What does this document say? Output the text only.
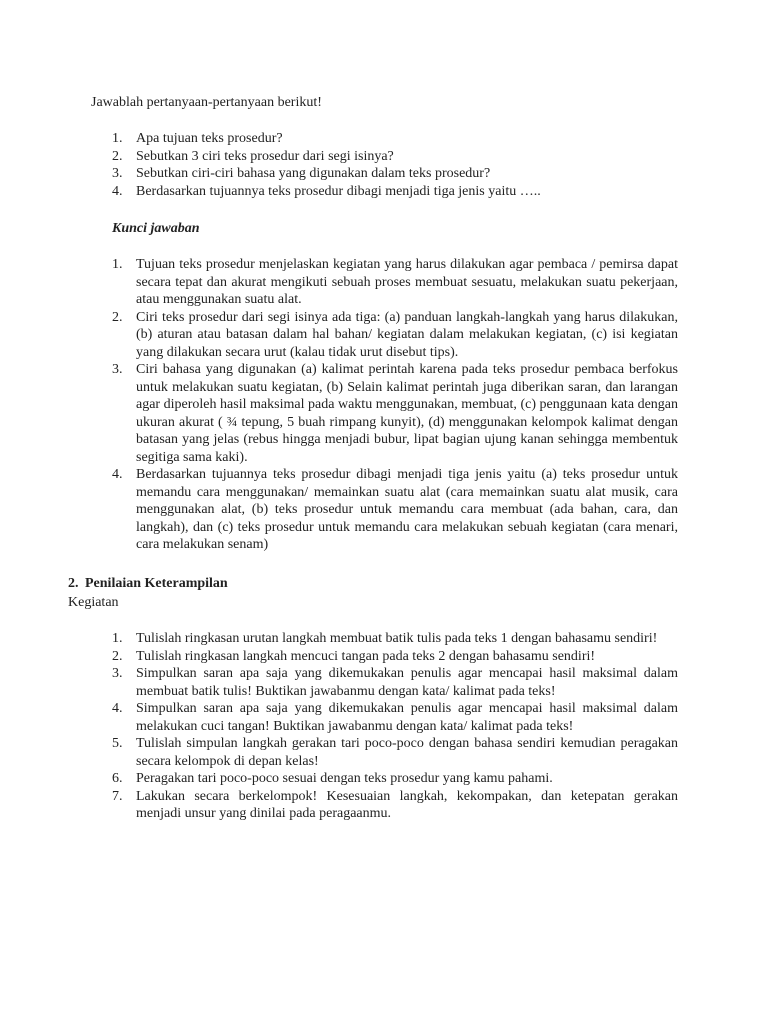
Jawablah pertanyaan-pertanyaan berikut!
1. Apa tujuan teks prosedur?
2. Sebutkan 3 ciri teks prosedur dari segi isinya?
3. Sebutkan ciri-ciri bahasa yang digunakan dalam teks prosedur?
4. Berdasarkan tujuannya teks prosedur dibagi menjadi tiga jenis yaitu …..
Kunci jawaban
1. Tujuan teks prosedur menjelaskan kegiatan yang harus dilakukan agar pembaca / pemirsa dapat secara tepat dan akurat mengikuti sebuah proses membuat sesuatu, melakukan suatu pekerjaan, atau menggunakan suatu alat.
2. Ciri teks prosedur dari segi isinya ada tiga: (a) panduan langkah-langkah yang harus dilakukan, (b) aturan atau batasan dalam hal bahan/ kegiatan dalam melakukan kegiatan, (c) isi kegiatan yang dilakukan secara urut (kalau tidak urut disebut tips).
3. Ciri bahasa yang digunakan (a) kalimat perintah karena pada teks prosedur pembaca berfokus untuk melakukan suatu kegiatan, (b) Selain kalimat perintah juga diberikan saran, dan larangan agar diperoleh hasil maksimal pada waktu menggunakan, membuat, (c) penggunaan kata dengan ukuran akurat ( ¾ tepung, 5 buah rimpang kunyit), (d) menggunakan kelompok kalimat dengan batasan yang jelas (rebus hingga menjadi bubur, lipat bagian ujung kanan sehingga membentuk segitiga sama kaki).
4. Berdasarkan tujuannya teks prosedur dibagi menjadi tiga jenis yaitu (a) teks prosedur untuk memandu cara menggunakan/ memainkan suatu alat (cara memainkan suatu alat musik, cara menggunakan alat, (b) teks prosedur untuk memandu cara membuat (ada bahan, cara, dan langkah), dan (c) teks prosedur untuk memandu cara melakukan sebuah kegiatan (cara menari, cara melakukan senam)
2. Penilaian Keterampilan
Kegiatan
1. Tulislah ringkasan urutan langkah membuat batik tulis pada teks 1 dengan bahasamu sendiri!
2. Tulislah ringkasan langkah mencuci tangan pada teks 2 dengan bahasamu sendiri!
3. Simpulkan saran apa saja yang dikemukakan penulis agar mencapai hasil maksimal dalam membuat batik tulis! Buktikan jawabanmu dengan kata/ kalimat pada teks!
4. Simpulkan saran apa saja yang dikemukakan penulis agar mencapai hasil maksimal dalam melakukan cuci tangan! Buktikan jawabanmu dengan kata/ kalimat pada teks!
5. Tulislah simpulan langkah gerakan tari poco-poco dengan bahasa sendiri kemudian peragakan secara kelompok di depan kelas!
6. Peragakan tari poco-poco sesuai dengan teks prosedur yang kamu pahami.
7. Lakukan secara berkelompok! Kesesuaian langkah, kekompakan, dan ketepatan gerakan menjadi unsur yang dinilai pada peragaanmu.
